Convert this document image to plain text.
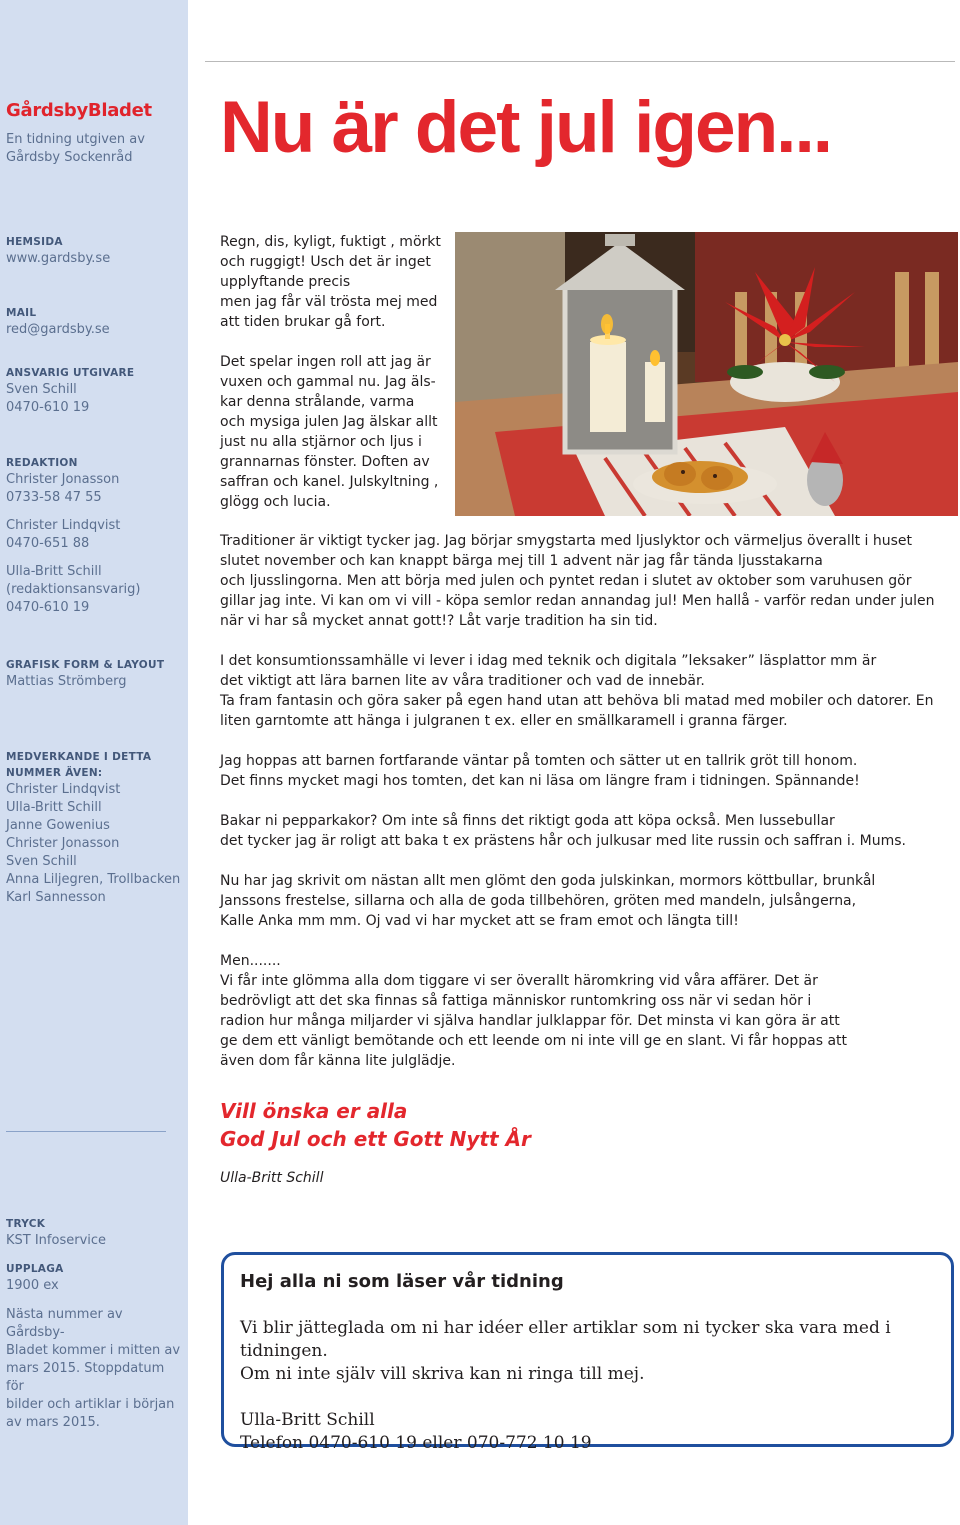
GårdsbyBladet
En tidning utgiven av
Gårdsby Sockenråd
HEMSIDA
www.gardsby.se
MAIL
red@gardsby.se
ANSVARIG UTGIVARE
Sven Schill
0470-610 19
REDAKTION
Christer Jonasson
0733-58 47 55
Christer Lindqvist
0470-651 88
Ulla-Britt Schill
(redaktionsansvarig)
0470-610 19
GRAFISK FORM & LAYOUT
Mattias Strömberg
MEDVERKANDE I DETTA
NUMMER ÄVEN:
Christer Lindqvist
Ulla-Britt Schill
Janne Gowenius
Christer Jonasson
Sven Schill
Anna Liljegren, Trollbacken
Karl Sannesson
TRYCK
KST Infoservice
UPPLAGA
1900 ex
Nästa nummer av Gårdsby-
Bladet kommer i mitten av
mars 2015. Stoppdatum för
bilder och artiklar i början
av mars 2015.
Nu är det jul igen...

Regn, dis, kyligt, fuktigt , mörkt
och ruggigt! Usch det är inget
upplyftande precis
men jag får väl trösta mej med
att tiden brukar gå fort.

Det spelar ingen roll att jag är
vuxen och gammal nu. Jag äls-
kar denna strålande, varma
och mysiga julen Jag älskar allt
just nu alla stjärnor och ljus i
grannarnas fönster. Doften av
saffran och kanel. Julskyltning ,
glögg och lucia.

Traditioner är viktigt tycker jag. Jag börjar smygstarta med ljuslyktor och värmeljus överallt i huset
slutet november och kan knappt bärga mej till 1 advent när jag får tända ljusstakarna
och ljusslingorna. Men att börja med julen och pyntet redan i slutet av oktober som varuhusen gör
gillar jag inte. Vi kan om vi vill - köpa semlor redan annandag jul! Men hallå - varför redan under julen
när vi har så mycket annat gott!? Låt varje tradition ha sin tid.

I det konsumtionssamhälle vi lever i idag med teknik och digitala ”leksaker” läsplattor mm är
det viktigt att lära barnen lite av våra traditioner och vad de innebär.
Ta fram fantasin och göra saker på egen hand utan att behöva bli matad med mobiler och datorer. En
liten garntomte att hänga i julgranen t ex. eller en smällkaramell i granna färger.

Jag hoppas att barnen fortfarande väntar på tomten och sätter ut en tallrik gröt till honom.
Det finns mycket magi hos tomten, det kan ni läsa om längre fram i tidningen. Spännande!

Bakar ni pepparkakor? Om inte så finns det riktigt goda att köpa också. Men lussebullar
det tycker jag är roligt att baka t ex prästens hår och julkusar med lite russin och saffran i. Mums.

Nu har jag skrivit om nästan allt men glömt den goda julskinkan, mormors köttbullar, brunkål
Janssons frestelse, sillarna och alla de goda tillbehören, gröten med mandeln, julsångerna,
Kalle Anka mm mm. Oj vad vi har mycket att se fram emot och längta till!

Men.......
Vi får inte glömma alla dom tiggare vi ser överallt häromkring vid våra affärer. Det är
bedrövligt att det ska finnas så fattiga människor runtomkring oss när vi sedan hör i
radion hur många miljarder vi själva handlar julklappar för. Det minsta vi kan göra är att
ge dem ett vänligt bemötande och ett leende om ni inte vill ge en slant. Vi får hoppas att
även dom får känna lite julglädje.

Vill önska er alla
God Jul och ett Gott Nytt År
Ulla-Britt Schill
Hej alla ni som läser vår tidning
Vi blir jätteglada om ni har idéer eller artiklar som ni tycker ska vara med i tidningen.
Om ni inte själv vill skriva kan ni ringa till mej.
Ulla-Britt Schill
Telefon 0470-610 19 eller 070-772 10 19
